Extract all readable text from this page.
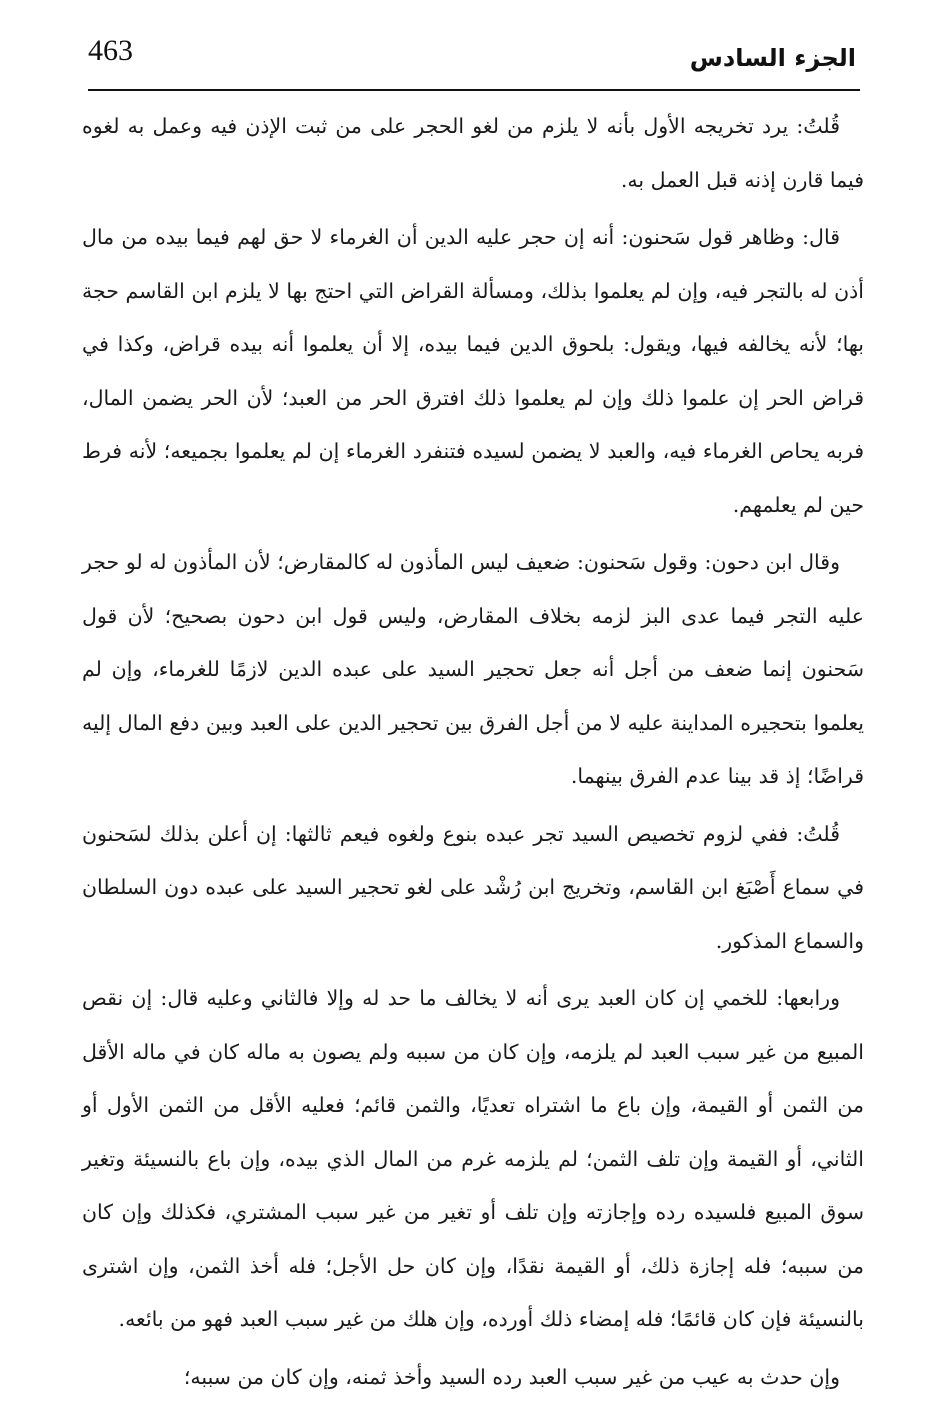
463	الجزء السادس

قُلتُ: يرد تخريجه الأول بأنه لا يلزم من لغو الحجر على من ثبت الإذن فيه وعمل به لغوه فيما قارن إذنه قبل العمل به.

قال: وظاهر قول سَحنون: أنه إن حجر عليه الدين أن الغرماء لا حق لهم فيما بيده من مال أذن له بالتجر فيه، وإن لم يعلموا بذلك، ومسألة القراض التي احتج بها لا يلزم ابن القاسم حجة بها؛ لأنه يخالفه فيها، ويقول: بلحوق الدين فيما بيده، إلا أن يعلموا أنه بيده قراض، وكذا في قراض الحر إن علموا ذلك وإن لم يعلموا ذلك افترق الحر من العبد؛ لأن الحر يضمن المال، فربه يحاص الغرماء فيه، والعبد لا يضمن لسيده فتنفرد الغرماء إن لم يعلموا بجميعه؛ لأنه فرط حين لم يعلمهم.

وقال ابن دحون: وقول سَحنون: ضعيف ليس المأذون له كالمقارض؛ لأن المأذون له لو حجر عليه التجر فيما عدى البز لزمه بخلاف المقارض، وليس قول ابن دحون بصحيح؛ لأن قول سَحنون إنما ضعف من أجل أنه جعل تحجير السيد على عبده الدين لازمًا للغرماء، وإن لم يعلموا بتحجيره المداينة عليه لا من أجل الفرق بين تحجير الدين على العبد وبين دفع المال إليه قراضًا؛ إذ قد بينا عدم الفرق بينهما.

قُلتُ: ففي لزوم تخصيص السيد تجر عبده بنوع ولغوه فيعم ثالثها: إن أعلن بذلك لسَحنون في سماع أَصْبَغ ابن القاسم، وتخريج ابن رُشْد على لغو تحجير السيد على عبده دون السلطان والسماع المذكور.

ورابعها: للخمي إن كان العبد يرى أنه لا يخالف ما حد له وإلا فالثاني وعليه قال: إن نقص المبيع من غير سبب العبد لم يلزمه، وإن كان من سببه ولم يصون به ماله كان في ماله الأقل من الثمن أو القيمة، وإن باع ما اشتراه تعديًا، والثمن قائم؛ فعليه الأقل من الثمن الأول أو الثاني، أو القيمة وإن تلف الثمن؛ لم يلزمه غرم من المال الذي بيده، وإن باع بالنسيئة وتغير سوق المبيع فلسيده رده وإجازته وإن تلف أو تغير من غير سبب المشتري، فكذلك وإن كان من سببه؛ فله إجازة ذلك، أو القيمة نقدًا، وإن كان حل الأجل؛ فله أخذ الثمن، وإن اشترى بالنسيئة فإن كان قائمًا؛ فله إمضاء ذلك أورده، وإن هلك من غير سبب العبد فهو من بائعه.

وإن حدث به عيب من غير سبب العبد رده السيد وأخذ ثمنه، وإن كان من سببه؛
